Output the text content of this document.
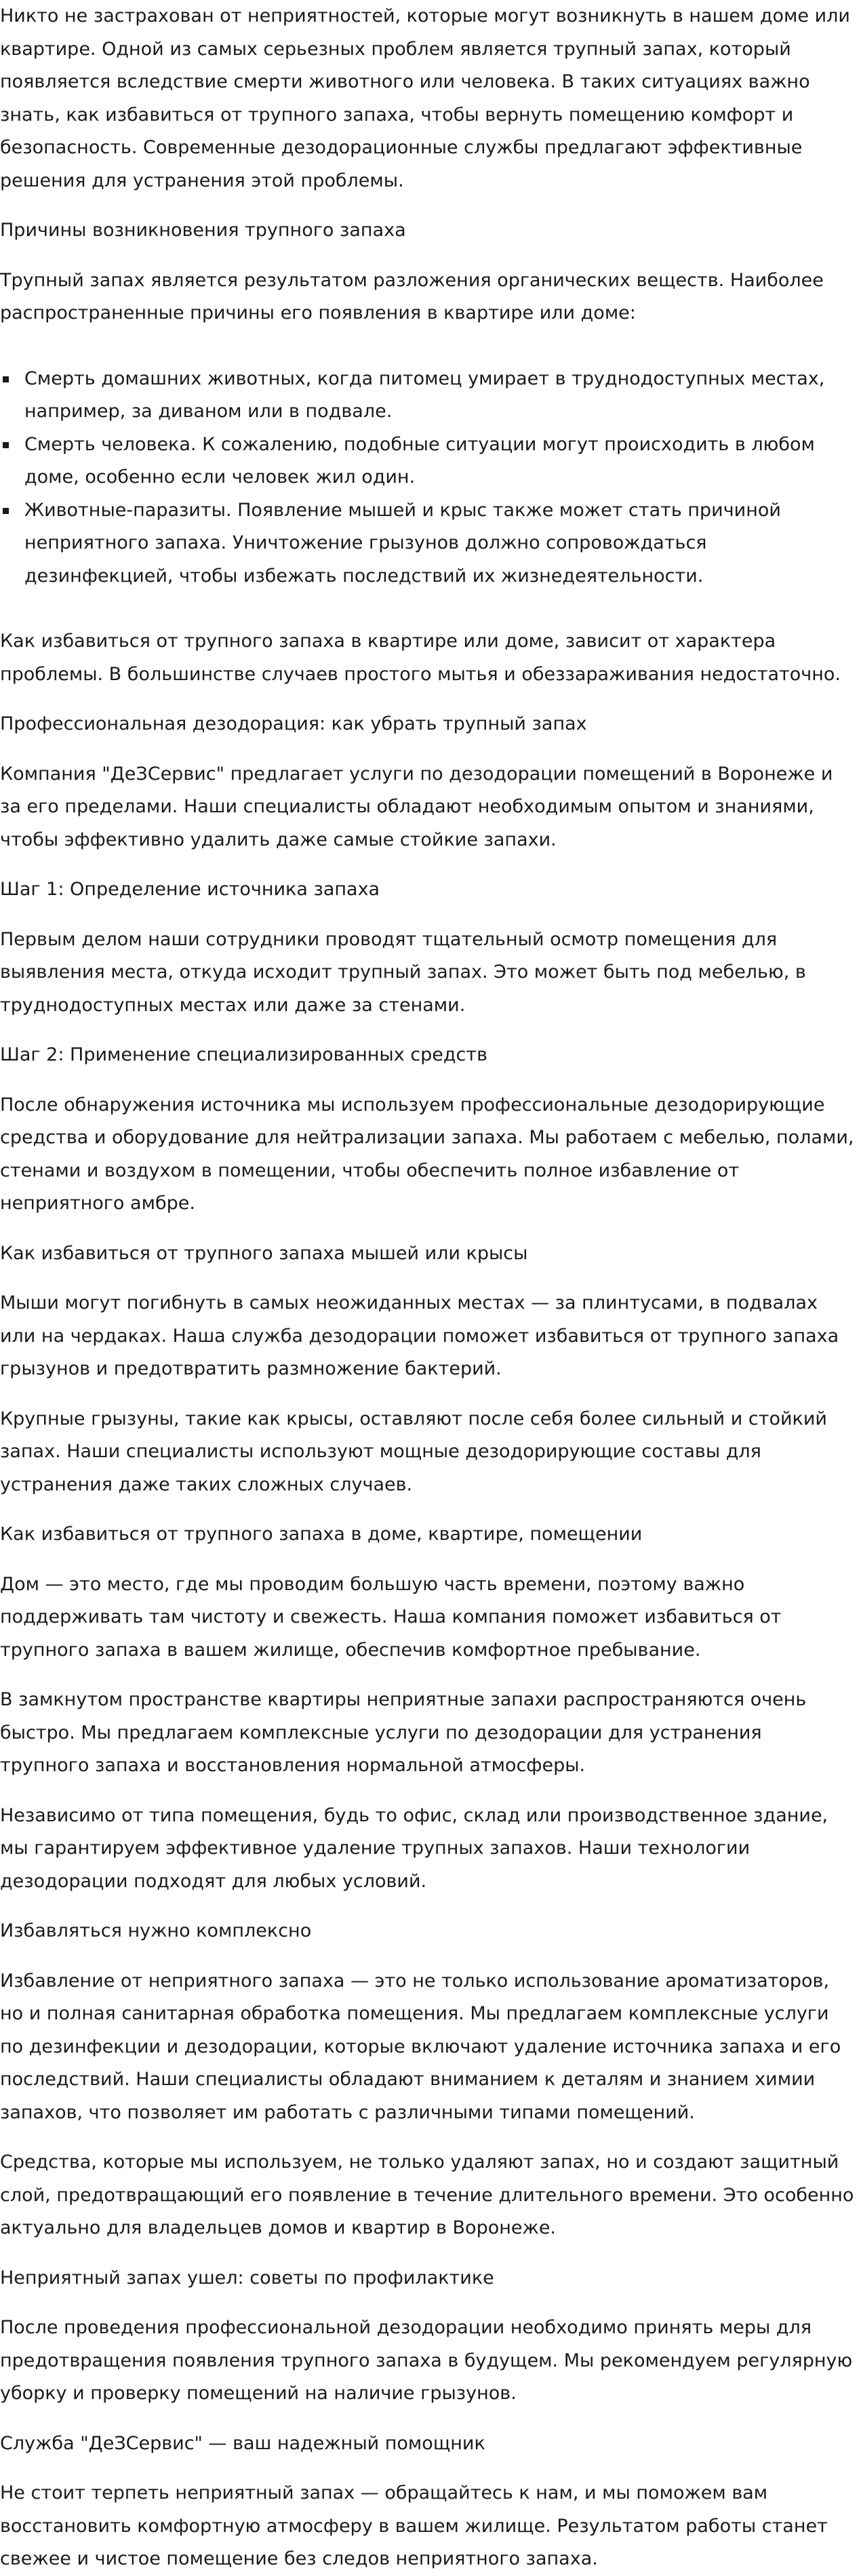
Никто не застрахован от неприятностей, которые могут возникнуть в нашем доме или квартире. Одной из самых серьезных проблем является трупный запах, который появляется вследствие смерти животного или человека. В таких ситуациях важно знать, как избавиться от трупного запаха, чтобы вернуть помещению комфорт и безопасность. Современные дезодорационные службы предлагают эффективные решения для устранения этой проблемы.

Причины возникновения трупного запаха

Трупный запах является результатом разложения органических веществ. Наиболее распространенные причины его появления в квартире или доме:

Смерть домашних животных, когда питомец умирает в труднодоступных местах, например, за диваном или в подвале.
Смерть человека. К сожалению, подобные ситуации могут происходить в любом доме, особенно если человек жил один.
Животные-паразиты. Появление мышей и крыс также может стать причиной неприятного запаха. Уничтожение грызунов должно сопровождаться дезинфекцией, чтобы избежать последствий их жизнедеятельности.

Как избавиться от трупного запаха в квартире или доме, зависит от характера проблемы. В большинстве случаев простого мытья и обеззараживания недостаточно.

Профессиональная дезодорация: как убрать трупный запах

Компания "ДеЗСервис" предлагает услуги по дезодорации помещений в Воронеже и за его пределами. Наши специалисты обладают необходимым опытом и знаниями, чтобы эффективно удалить даже самые стойкие запахи.

Шаг 1: Определение источника запаха

Первым делом наши сотрудники проводят тщательный осмотр помещения для выявления места, откуда исходит трупный запах. Это может быть под мебелью, в труднодоступных местах или даже за стенами.

Шаг 2: Применение специализированных средств

После обнаружения источника мы используем профессиональные дезодорирующие средства и оборудование для нейтрализации запаха. Мы работаем с мебелью, полами, стенами и воздухом в помещении, чтобы обеспечить полное избавление от неприятного амбре.

Как избавиться от трупного запаха мышей или крысы

Мыши могут погибнуть в самых неожиданных местах — за плинтусами, в подвалах или на чердаках. Наша служба дезодорации поможет избавиться от трупного запаха грызунов и предотвратить размножение бактерий.

Крупные грызуны, такие как крысы, оставляют после себя более сильный и стойкий запах. Наши специалисты используют мощные дезодорирующие составы для устранения даже таких сложных случаев.

Как избавиться от трупного запаха в доме, квартире, помещении

Дом — это место, где мы проводим большую часть времени, поэтому важно поддерживать там чистоту и свежесть. Наша компания поможет избавиться от трупного запаха в вашем жилище, обеспечив комфортное пребывание.

В замкнутом пространстве квартиры неприятные запахи распространяются очень быстро. Мы предлагаем комплексные услуги по дезодорации для устранения трупного запаха и восстановления нормальной атмосферы.

Независимо от типа помещения, будь то офис, склад или производственное здание, мы гарантируем эффективное удаление трупных запахов. Наши технологии дезодорации подходят для любых условий.

Избавляться нужно комплексно

Избавление от неприятного запаха — это не только использование ароматизаторов, но и полная санитарная обработка помещения. Мы предлагаем комплексные услуги по дезинфекции и дезодорации, которые включают удаление источника запаха и его последствий. Наши специалисты обладают вниманием к деталям и знанием химии запахов, что позволяет им работать с различными типами помещений.

Средства, которые мы используем, не только удаляют запах, но и создают защитный слой, предотвращающий его появление в течение длительного времени. Это особенно актуально для владельцев домов и квартир в Воронеже.

Неприятный запах ушел: советы по профилактике

После проведения профессиональной дезодорации необходимо принять меры для предотвращения появления трупного запаха в будущем. Мы рекомендуем регулярную уборку и проверку помещений на наличие грызунов.

Служба "ДеЗСервис" — ваш надежный помощник

Не стоит терпеть неприятный запах — обращайтесь к нам, и мы поможем вам восстановить комфортную атмосферу в вашем жилище. Результатом работы станет свежее и чистое помещение без следов неприятного запаха.
